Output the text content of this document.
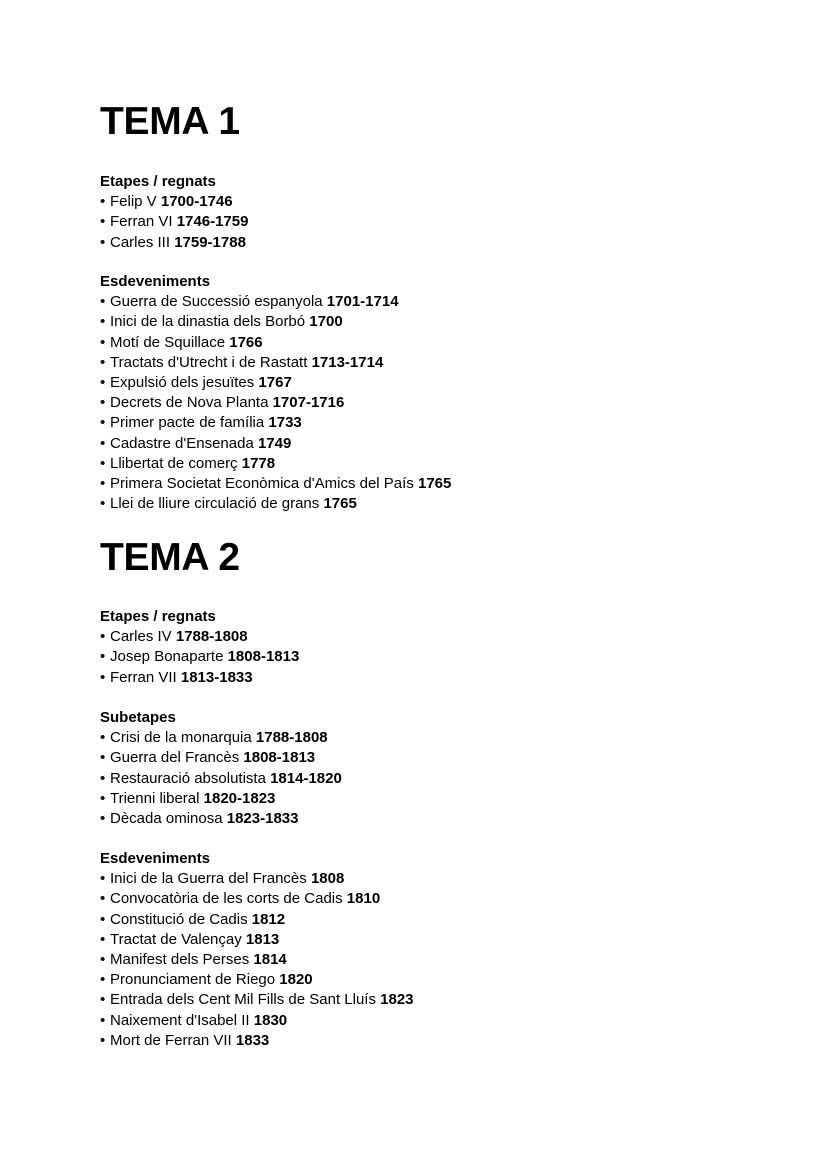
TEMA 1

Etapes / regnats

• Felip V 1700-1746
• Ferran VI 1746-1759
• Carles III 1759-1788

Esdeveniments

• Guerra de Successió espanyola 1701-1714
• Inici de la dinastia dels Borbó 1700
• Motí de Squillace 1766
• Tractats d'Utrecht i de Rastatt 1713-1714
• Expulsió dels jesuïtes 1767
• Decrets de Nova Planta 1707-1716
• Primer pacte de família 1733
• Cadastre d'Ensenada 1749
• Llibertat de comerç 1778
• Primera Societat Econòmica d'Amics del País 1765
• Llei de lliure circulació de grans 1765
TEMA 2

Etapes / regnats

• Carles IV 1788-1808
• Josep Bonaparte 1808-1813
• Ferran VII 1813-1833

Subetapes

• Crisi de la monarquia 1788-1808
• Guerra del Francès 1808-1813
• Restauració absolutista 1814-1820
• Trienni liberal 1820-1823
• Dècada ominosa 1823-1833

Esdeveniments

• Inici de la Guerra del Francès 1808
• Convocatòria de les corts de Cadis 1810
• Constitució de Cadis 1812
• Tractat de Valençay 1813
• Manifest dels Perses 1814
• Pronunciament de Riego 1820
• Entrada dels Cent Mil Fills de Sant Lluís 1823
• Naixement d'Isabel II 1830
• Mort de Ferran VII 1833
